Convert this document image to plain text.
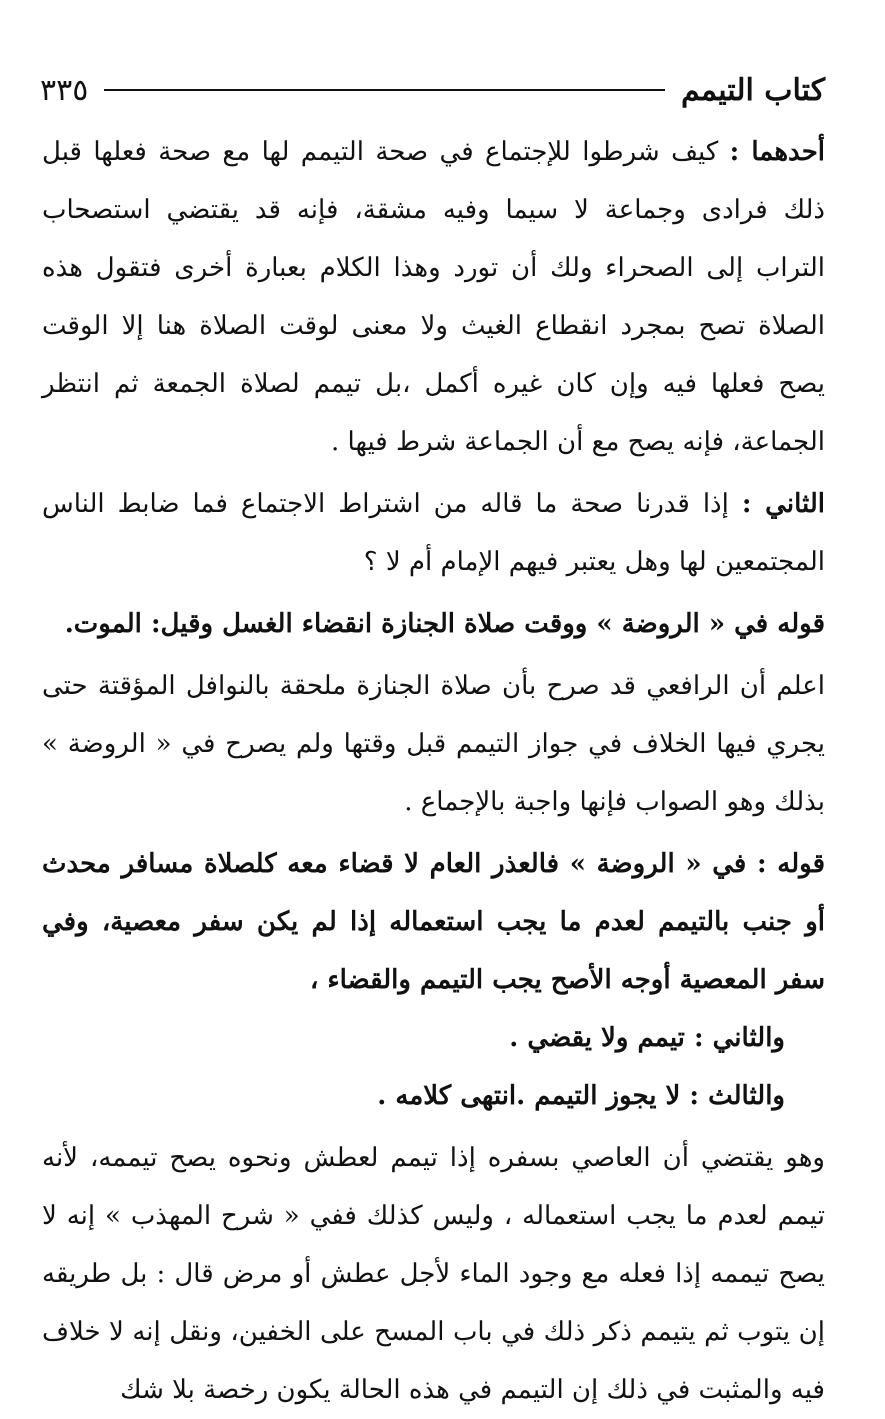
كتاب التيمم
٣٣٥

أحدهما : كيف شرطوا للإجتماع في صحة التيمم لها مع صحة فعلها قبل ذلك فرادى وجماعة لا سيما وفيه مشقة، فإنه قد يقتضي استصحاب التراب إلى الصحراء ولك أن تورد وهذا الكلام بعبارة أخرى فتقول هذه الصلاة تصح بمجرد انقطاع الغيث ولا معنى لوقت الصلاة هنا إلا الوقت يصح فعلها فيه وإن كان غيره أكمل ،بل تيمم لصلاة الجمعة ثم انتظر الجماعة، فإنه يصح مع أن الجماعة شرط فيها .

الثاني : إذا قدرنا صحة ما قاله من اشتراط الاجتماع فما ضابط الناس المجتمعين لها وهل يعتبر فيهم الإمام أم لا ؟

قوله في « الروضة » ووقت صلاة الجنازة انقضاء الغسل وقيل: الموت.

اعلم أن الرافعي قد صرح بأن صلاة الجنازة ملحقة بالنوافل المؤقتة حتى يجري فيها الخلاف في جواز التيمم قبل وقتها ولم يصرح في « الروضة » بذلك وهو الصواب فإنها واجبة بالإجماع .

قوله : في « الروضة » فالعذر العام لا قضاء معه كلصلاة مسافر محدث أو جنب بالتيمم لعدم ما يجب استعماله إذا لم يكن سفر معصية، وفي سفر المعصية أوجه الأصح يجب التيمم والقضاء ،

والثاني : تيمم ولا يقضي .

والثالث : لا يجوز التيمم .انتهى كلامه .

وهو يقتضي أن العاصي بسفره إذا تيمم لعطش ونحوه يصح تيممه، لأنه تيمم لعدم ما يجب استعماله ، وليس كذلك ففي « شرح المهذب » إنه لا يصح تيممه إذا فعله مع وجود الماء لأجل عطش أو مرض قال : بل طريقه إن يتوب ثم يتيمم ذكر ذلك في باب المسح على الخفين، ونقل إنه لا خلاف فيه والمثبت في ذلك إن التيمم في هذه الحالة يكون رخصة بلا شك
